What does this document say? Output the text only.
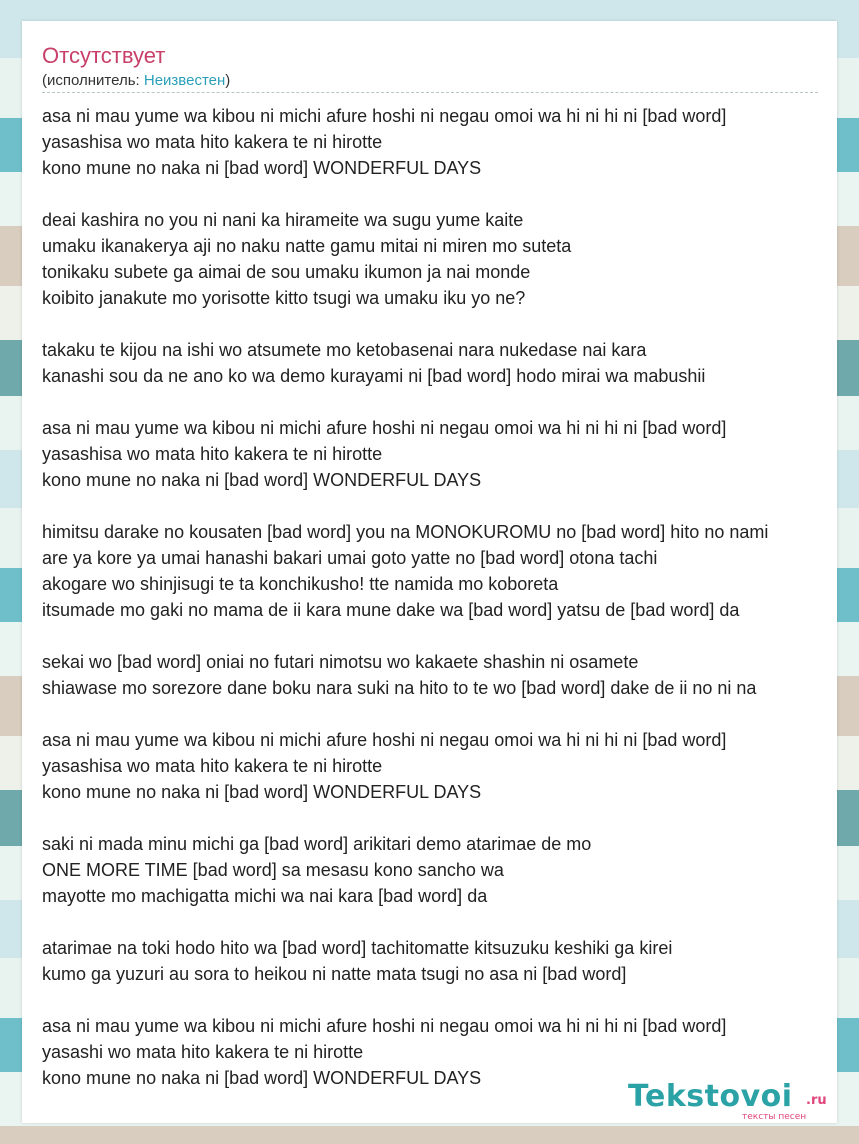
Отсутствует
(исполнитель: Неизвестен)
asa ni mau yume wa kibou ni michi afure hoshi ni negau omoi wa hi ni hi ni [bad word]
yasashisa wo mata hito kakera te ni hirotte
kono mune no naka ni [bad word] WONDERFUL DAYS
deai kashira no you ni nani ka hirameite wa sugu yume kaite
umaku ikanakerya aji no naku natte gamu mitai ni miren mo suteta
tonikaku subete ga aimai de sou umaku ikumon ja nai monde
koibito janakute mo yorisotte kitto tsugi wa umaku iku yo ne?
takaku te kijou na ishi wo atsumete mo ketobasenai nara nukedase nai kara
kanashi sou da ne ano ko wa demo kurayami ni [bad word] hodo mirai wa mabushii
asa ni mau yume wa kibou ni michi afure hoshi ni negau omoi wa hi ni hi ni [bad word]
yasashisa wo mata hito kakera te ni hirotte
kono mune no naka ni [bad word] WONDERFUL DAYS
himitsu darake no kousaten [bad word] you na MONOKUROMU no [bad word] hito no nami
are ya kore ya umai hanashi bakari umai goto yatte no [bad word] otona tachi
akogare wo shinjisugi te ta konchikusho! tte namida mo koboreta
itsumade mo gaki no mama de ii kara mune dake wa [bad word] yatsu de [bad word] da
sekai wo [bad word] oniai no futari nimotsu wo kakaete shashin ni osamete
shiawase mo sorezore dane boku nara suki na hito to te wo [bad word] dake de ii no ni na
asa ni mau yume wa kibou ni michi afure hoshi ni negau omoi wa hi ni hi ni [bad word]
yasashisa wo mata hito kakera te ni hirotte
kono mune no naka ni [bad word] WONDERFUL DAYS
saki ni mada minu michi ga [bad word] arikitari demo atarimae de mo
ONE MORE TIME [bad word] sa mesasu kono sancho wa
mayotte mo machigatta michi wa nai kara [bad word] da
atarimae na toki hodo hito wa [bad word] tachitomatte kitsuzuku keshiki ga kirei
kumo ga yuzuri au sora to heikou ni natte mata tsugi no asa ni [bad word]
asa ni mau yume wa kibou ni michi afure hoshi ni negau omoi wa hi ni hi ni [bad word]
yasashi wo mata hito kakera te ni hirotte
kono mune no naka ni [bad word] WONDERFUL DAYS
Tekstovoi .ru
тексты песен
